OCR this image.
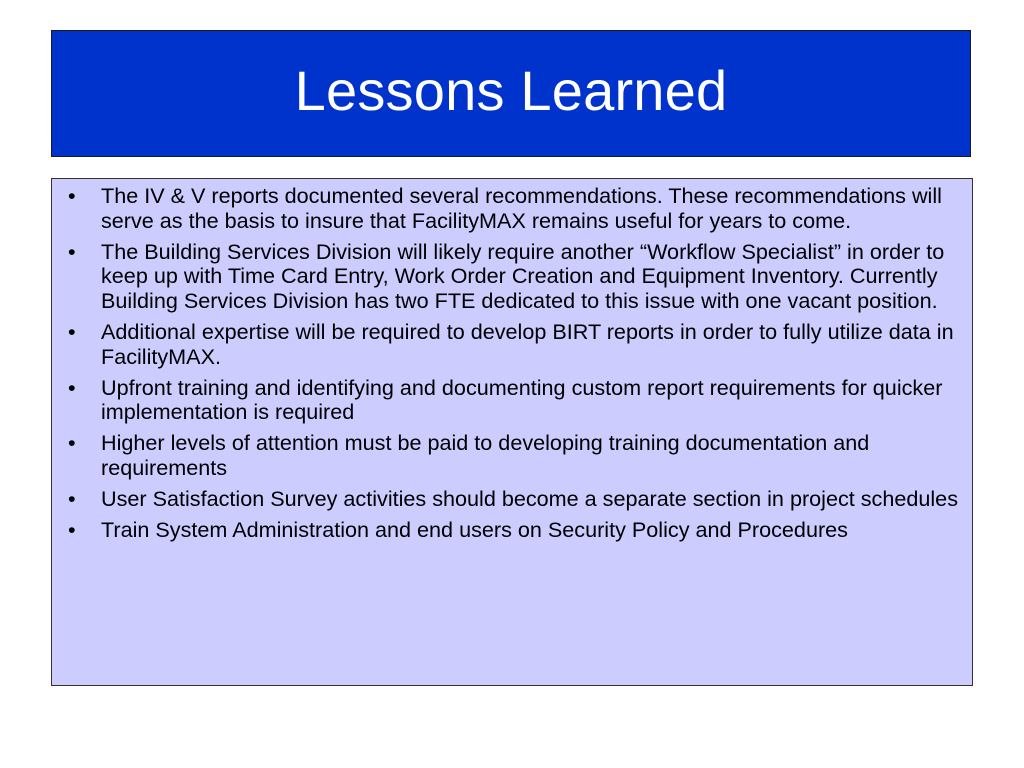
Lessons Learned
• The IV & V reports documented several recommendations. These recommendations will serve as the basis to insure that FacilityMAX remains useful for years to come.
• The Building Services Division will likely require another “Workflow Specialist” in order to keep up with Time Card Entry, Work Order Creation and Equipment Inventory. Currently Building Services Division has two FTE dedicated to this issue with one vacant position.
• Additional expertise will be required to develop BIRT reports in order to fully utilize data in FacilityMAX.
• Upfront training and identifying and documenting custom report requirements for quicker implementation is required
• Higher levels of attention must be paid to developing training documentation and requirements
• User Satisfaction Survey activities should become a separate section in project schedules
• Train System Administration and end users on Security Policy and Procedures
